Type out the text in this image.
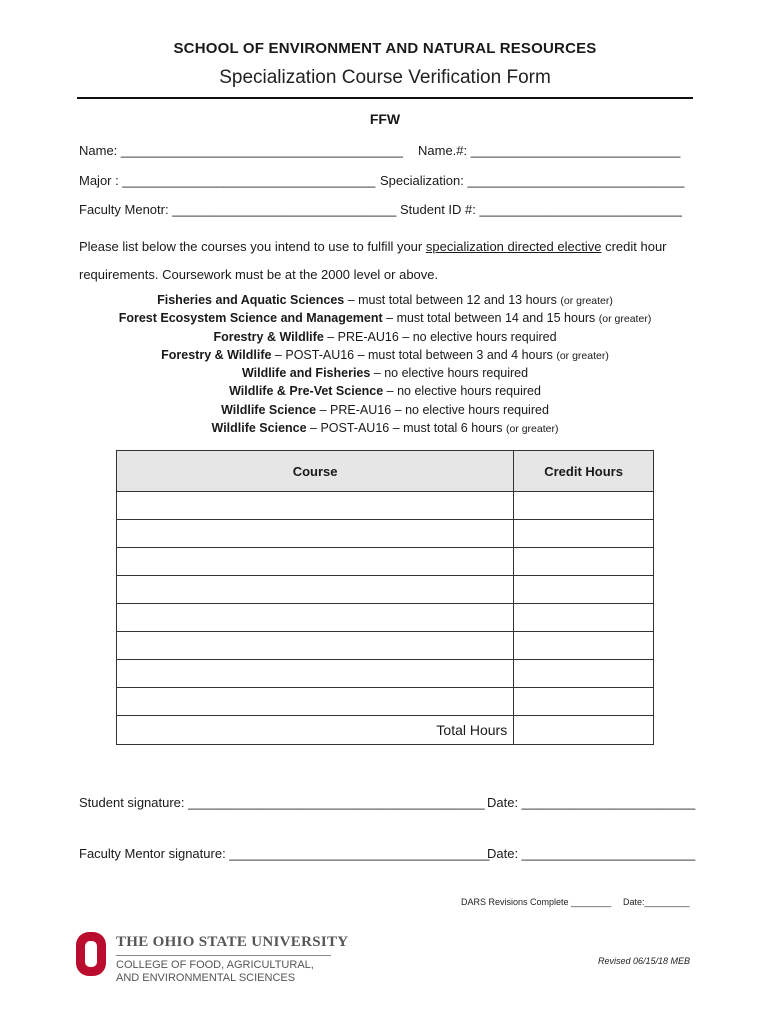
SCHOOL OF ENVIRONMENT AND NATURAL RESOURCES
Specialization Course Verification Form
FFW
Name: _______________________________________ Name.#: _____________________________
Major : ___________________________________ Specialization: ______________________________
Faculty Menotr: _______________________________ Student ID #: ____________________________
Please list below the courses you intend to use to fulfill your specialization directed elective credit hour requirements. Coursework must be at the 2000 level or above.
Fisheries and Aquatic Sciences – must total between 12 and 13 hours (or greater)
Forest Ecosystem Science and Management – must total between 14 and 15 hours (or greater)
Forestry & Wildlife – PRE-AU16 – no elective hours required
Forestry & Wildlife – POST-AU16 – must total between 3 and 4 hours (or greater)
Wildlife and Fisheries – no elective hours required
Wildlife & Pre-Vet Science – no elective hours required
Wildlife Science – PRE-AU16 – no elective hours required
Wildlife Science – POST-AU16 – must total 6 hours (or greater)
Course	Credit Hours

Total Hours	
Student signature: _________________________________________ Date: ________________________
Faculty Mentor signature: ____________________________________
Date: ________________________
DARS Revisions Complete ________ Date:_________
THE OHIO STATE UNIVERSITY
COLLEGE OF FOOD, AGRICULTURAL,
AND ENVIRONMENTAL SCIENCES
Revised 06/15/18 MEB
